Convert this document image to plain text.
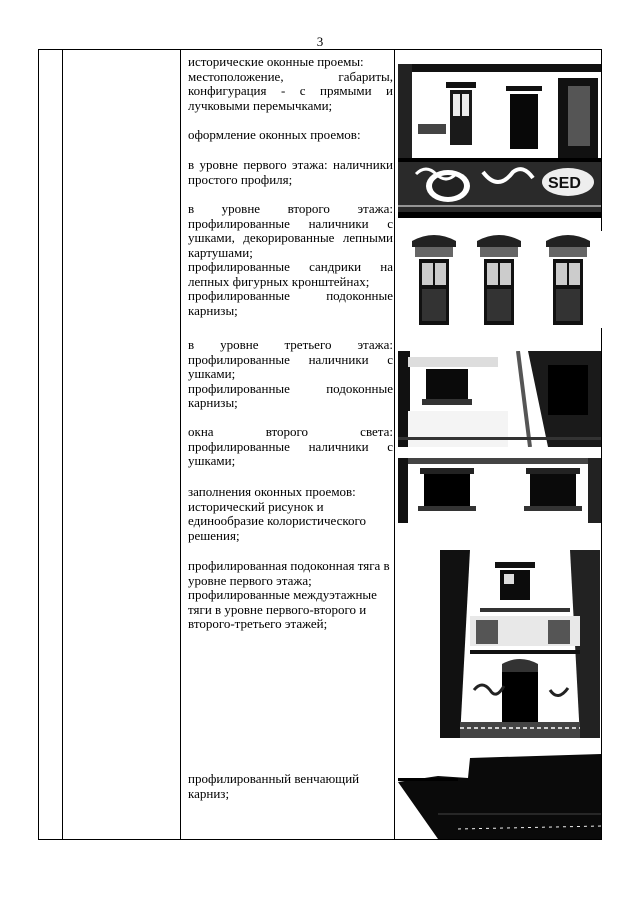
3
исторические оконные проемы:
местоположение, габариты,
конфигурация - с прямыми и
лучковыми перемычками;
оформление оконных проемов:
в уровне первого этажа: наличники
простого профиля;
в уровне второго этажа:
профилированные наличники с
ушками, декорированные лепными
картушами;
профилированные сандрики на
лепных фигурных кронштейнах;
профилированные подоконные
карнизы;
в уровне третьего этажа:
профилированные наличники с
ушками;
профилированные подоконные
карнизы;
окна второго света:
профилированные наличники с
ушками;
заполнения оконных проемов:
исторический рисунок и
единообразие колористического
решения;
профилированная подоконная тяга в
уровне первого этажа;
профилированные междуэтажные
тяги в уровне первого-второго и
второго-третьего этажей;
профилированный венчающий
карниз;
SED
